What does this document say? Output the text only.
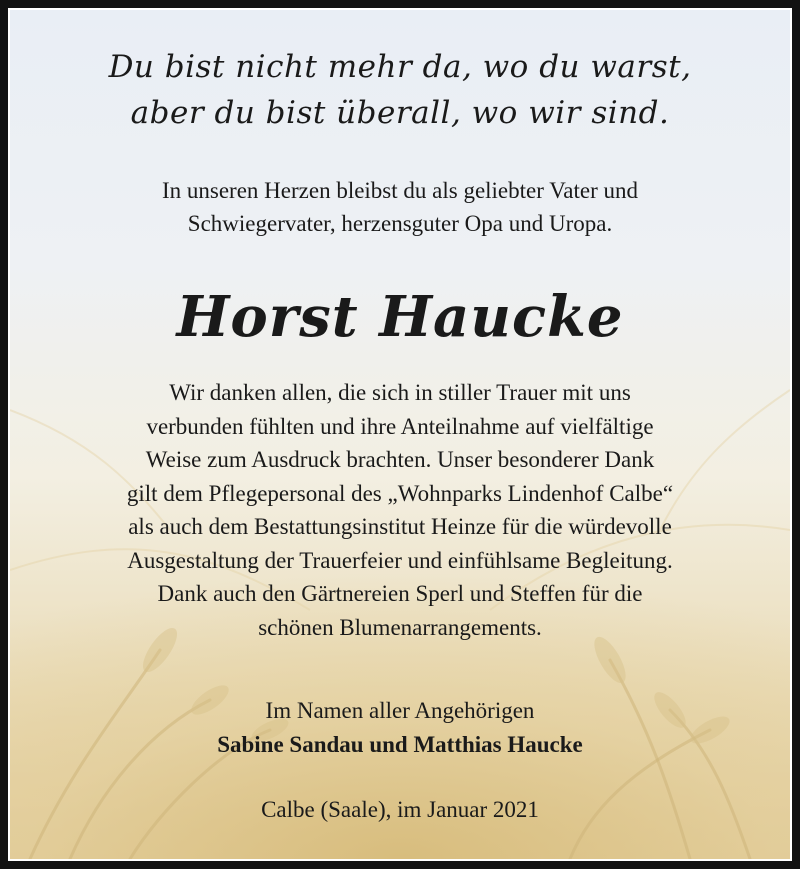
Du bist nicht mehr da, wo du warst,
aber du bist überall, wo wir sind.
In unseren Herzen bleibst du als geliebter Vater und
Schwiegervater, herzensguter Opa und Uropa.
Horst Haucke
Wir danken allen, die sich in stiller Trauer mit uns
verbunden fühlten und ihre Anteilnahme auf vielfältige
Weise zum Ausdruck brachten. Unser besonderer Dank
gilt dem Pflegepersonal des „Wohnparks Lindenhof Calbe“
als auch dem Bestattungsinstitut Heinze für die würdevolle
Ausgestaltung der Trauerfeier und einfühlsame Begleitung.
Dank auch den Gärtnereien Sperl und Steffen für die
schönen Blumenarrangements.
Im Namen aller Angehörigen
Sabine Sandau und Matthias Haucke
Calbe (Saale), im Januar 2021
